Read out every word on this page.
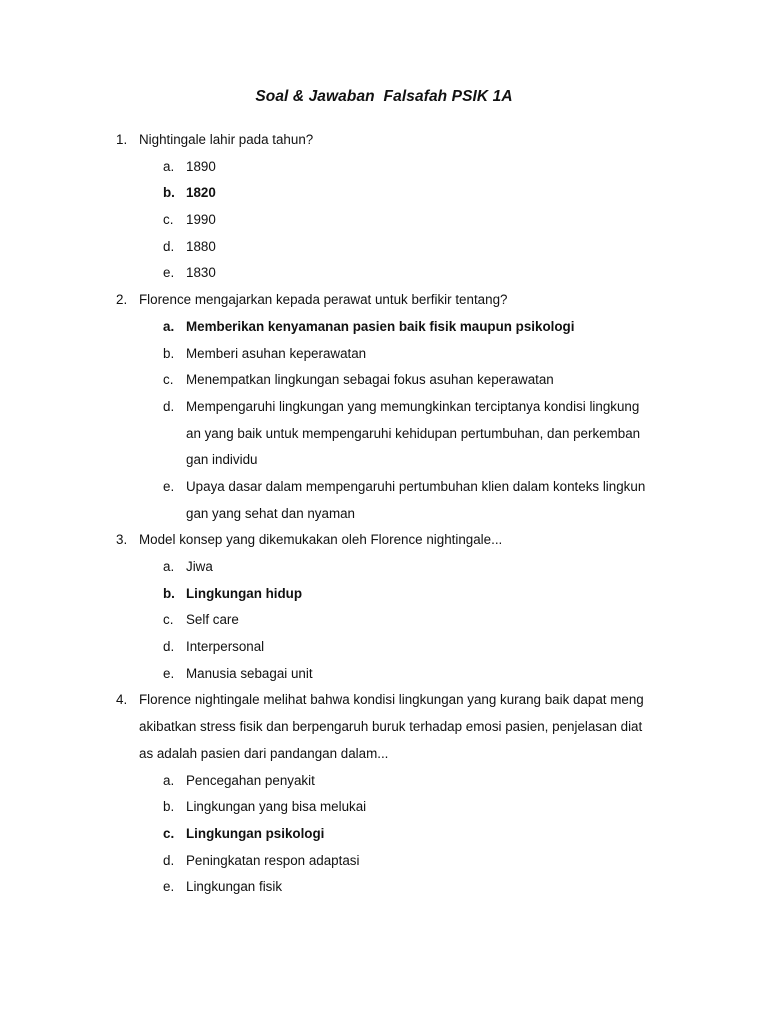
Soal & Jawaban  Falsafah PSIK 1A
1. Nightingale lahir pada tahun?
a. 1890
b. 1820
c. 1990
d. 1880
e. 1830
2. Florence mengajarkan kepada perawat untuk berfikir tentang?
a. Memberikan kenyamanan pasien baik fisik maupun psikologi
b. Memberi asuhan keperawatan
c. Menempatkan lingkungan sebagai fokus asuhan keperawatan
d. Mempengaruhi lingkungan yang memungkinkan terciptanya kondisi lingkung
an yang baik untuk mempengaruhi kehidupan pertumbuhan, dan perkemban
gan individu
e. Upaya dasar dalam mempengaruhi pertumbuhan klien dalam konteks lingkun
gan yang sehat dan nyaman
3. Model konsep yang dikemukakan oleh Florence nightingale...
a. Jiwa
b. Lingkungan hidup
c. Self care
d. Interpersonal
e. Manusia sebagai unit
4. Florence nightingale melihat bahwa kondisi lingkungan yang kurang baik dapat meng
akibatkan stress fisik dan berpengaruh buruk terhadap emosi pasien, penjelasan diat
as adalah pasien dari pandangan dalam...
a. Pencegahan penyakit
b. Lingkungan yang bisa melukai
c. Lingkungan psikologi
d. Peningkatan respon adaptasi
e. Lingkungan fisik
